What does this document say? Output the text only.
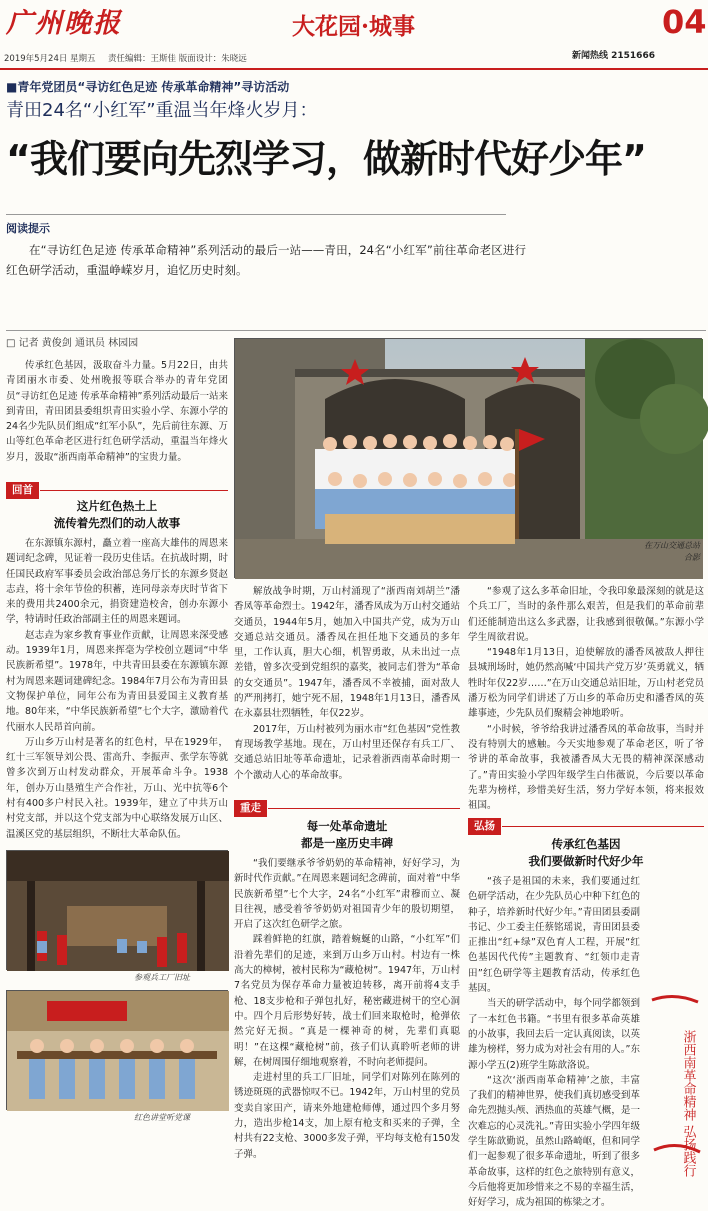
广州晚报	大花园·城事	04
2019年5月24日 星期五	责任编辑：王斯佳 版面设计：朱晓远	新闻热线 2151666
■青年党团员“寻访红色足迹 传承革命精神”寻访活动
青田24名“小红军”重温当年烽火岁月：
“我们要向先烈学习，做新时代好少年”
阅读提示
在“寻访红色足迹 传承革命精神”系列活动的最后一站——青田，24名“小红军”前往革命老区进行红色研学活动，重温峥嵘岁月，追忆历史时刻。
□ 记者 黄俊剑 通讯员 林园园

传承红色基因，汲取奋斗力量。5月22日，由共青团丽水市委、处州晚报等联合举办的青年党团员“寻访红色足迹 传承革命精神”系列活动最后一站来到青田，青田团县委组织青田实验小学、东源小学的24名少先队员们组成“红军小队”，先后前往东源、万山等红色革命老区进行红色研学活动，重温当年烽火岁月，汲取“浙西南革命精神”的宝贵力量。

回首
这片红色热土上
流传着先烈们的动人故事

在东源镇东源村，矗立着一座高大雄伟的周恩来题词纪念碑，见证着一段历史佳话。在抗战时期，时任国民政府军事委员会政治部总务厅长的东源乡贤赵志垚，将十余年节俭的积蓄，连同母亲寿庆时节省下来的费用共2400余元，捐资建造校舍，创办东源小学，特请时任政治部副主任的周恩来题词。

赵志垚为家乡教育事业作贡献，让周恩来深受感动。1939年1月，周恩来挥毫为学校创立题词“中华民族新希望”。1978年，中共青田县委在东源镇东源村为周恩来题词建碑纪念。1984年7月公布为青田县文物保护单位，同年公布为青田县爱国主义教育基地。80年来，“中华民族新希望”七个大字，激励着代代丽水人民昂首向前。

万山乡万山村是著名的红色村，早在1929年，红十三军领导刘公畏、雷高升、李振声、张学东等就曾多次到万山村发动群众，开展革命斗争。1938年，创办万山垦殖生产合作社，万山、光中抗等6个村有400多户村民入社。1939年，建立了中共万山村党支部，并以这个党支部为中心联络发展万山区、温溪区党的基层组织，不断壮大革命队伍。

在万山交通总站合影
参观兵工厂旧址
红色讲堂听党课

解放战争时期，万山村涌现了“浙西南刘胡兰”潘香凤等革命烈士。1942年，潘香凤成为万山村交通站交通员，1944年5月，她加入中国共产党，成为万山交通总站交通员。潘香凤在担任地下交通员的多年里，工作认真，胆大心细，机智勇敢，从未出过一点差错，曾多次受到党组织的嘉奖，被同志们誉为“革命的女交通员”。1947年，潘香凤不幸被捕，面对敌人的严刑拷打，她宁死不屈，1948年1月13日，潘香凤在永嘉县壮烈牺牲，年仅22岁。

2017年，万山村被列为丽水市“红色基因”党性教育现场教学基地。现在，万山村里还保存有兵工厂、交通总站旧址等革命遗址，记录着浙西南革命时期一个个激动人心的革命故事。

重走
每一处革命遗址
都是一座历史丰碑

“我们要继承爷爷奶奶的革命精神，好好学习，为新时代作贡献。”在周恩来题词纪念碑前，面对着“中华民族新希望”七个大字，24名“小红军”肃穆而立、凝目往视，感受着爷爷奶奶对祖国青少年的殷切期望，开启了这次红色研学之旅。

踩着鲜艳的红旗，踏着蜿蜒的山路，“小红军”们沿着先辈们的足迹，来到万山乡万山村。村边有一株高大的樟树，被村民称为“藏枪树”。1947年，万山村7名党员为保存革命力量被迫转移，离开前将4支手枪、18支步枪和子弹包扎好，秘密藏进树干的空心洞中。四个月后形势好转，战士们回来取枪时，枪弹依然完好无损。“真是一棵神奇的树，先辈们真聪明！”在这棵“藏枪树”前，孩子们认真聆听老师的讲解，在树周围仔细地观察着，不时向老师提问。

走进村里的兵工厂旧址，同学们对陈列在陈列的锈迹斑斑的武器惊叹不已。1942年，万山村里的党员变卖自家田产，请来外地建枪师傅，通过四个多月努力，造出步枪14支，加上原有枪支和买来的子弹，全村共有22支枪、3000多发子弹，平均每支枪有150发子弹。

“参观了这么多革命旧址，令我印象最深刻的就是这个兵工厂，当时的条件那么艰苦，但是我们的革命前辈们还能制造出这么多武器，让我感到很敬佩。”东源小学学生周欲君说。

“1948年1月13日，迫使解放的潘香凤被敌人押往县城刑场时，她仍然高喊‘中国共产党万岁’英勇就义，牺牲时年仅22岁……”在万山交通总站旧址，万山村老党员潘万松为同学们讲述了万山乡的革命历史和潘香凤的英雄事迹，少先队员们聚精会神地聆听。

“小时候，爷爷给我讲过潘香凤的革命故事，当时并没有特别大的感触。今天实地参观了革命老区，听了爷爷讲的革命故事，我被潘香凤大无畏的精神深深感动了。”青田实验小学四年级学生白伟薇说，今后要以革命先辈为榜样，珍惜美好生活，努力学好本领，将来报效祖国。

弘扬
传承红色基因
我们要做新时代好少年

“孩子是祖国的未来，我们要通过红色研学活动，在少先队员心中种下红色的种子，培养新时代好少年。”青田团县委副书记、少工委主任蔡铭瑶说，青田团县委正推出“红+绿”双色育人工程，开展“红色基因代代传”主题教育、“红领巾走青田”红色研学等主题教育活动，传承红色基因。

当天的研学活动中，每个同学都领到了一本红色书籍。“书里有很多革命英雄的小故事，我回去后一定认真阅读，以英雄为榜样，努力成为对社会有用的人。”东源小学五(2)班学生陈歆洛说。

“这次‘浙西南革命精神’之旅，丰富了我们的精神世界，使我们真切感受到革命先烈抛头颅、洒热血的英雄气概，是一次难忘的心灵洗礼。”青田实验小学四年级学生陈歆勤说，虽然山路崎岖，但和同学们一起参观了很多革命遗址，听到了很多革命故事，这样的红色之旅特别有意义，今后他将更加珍惜来之不易的幸福生活，好好学习，成为祖国的栋梁之才。

浙西南革命精神 弘扬践行
